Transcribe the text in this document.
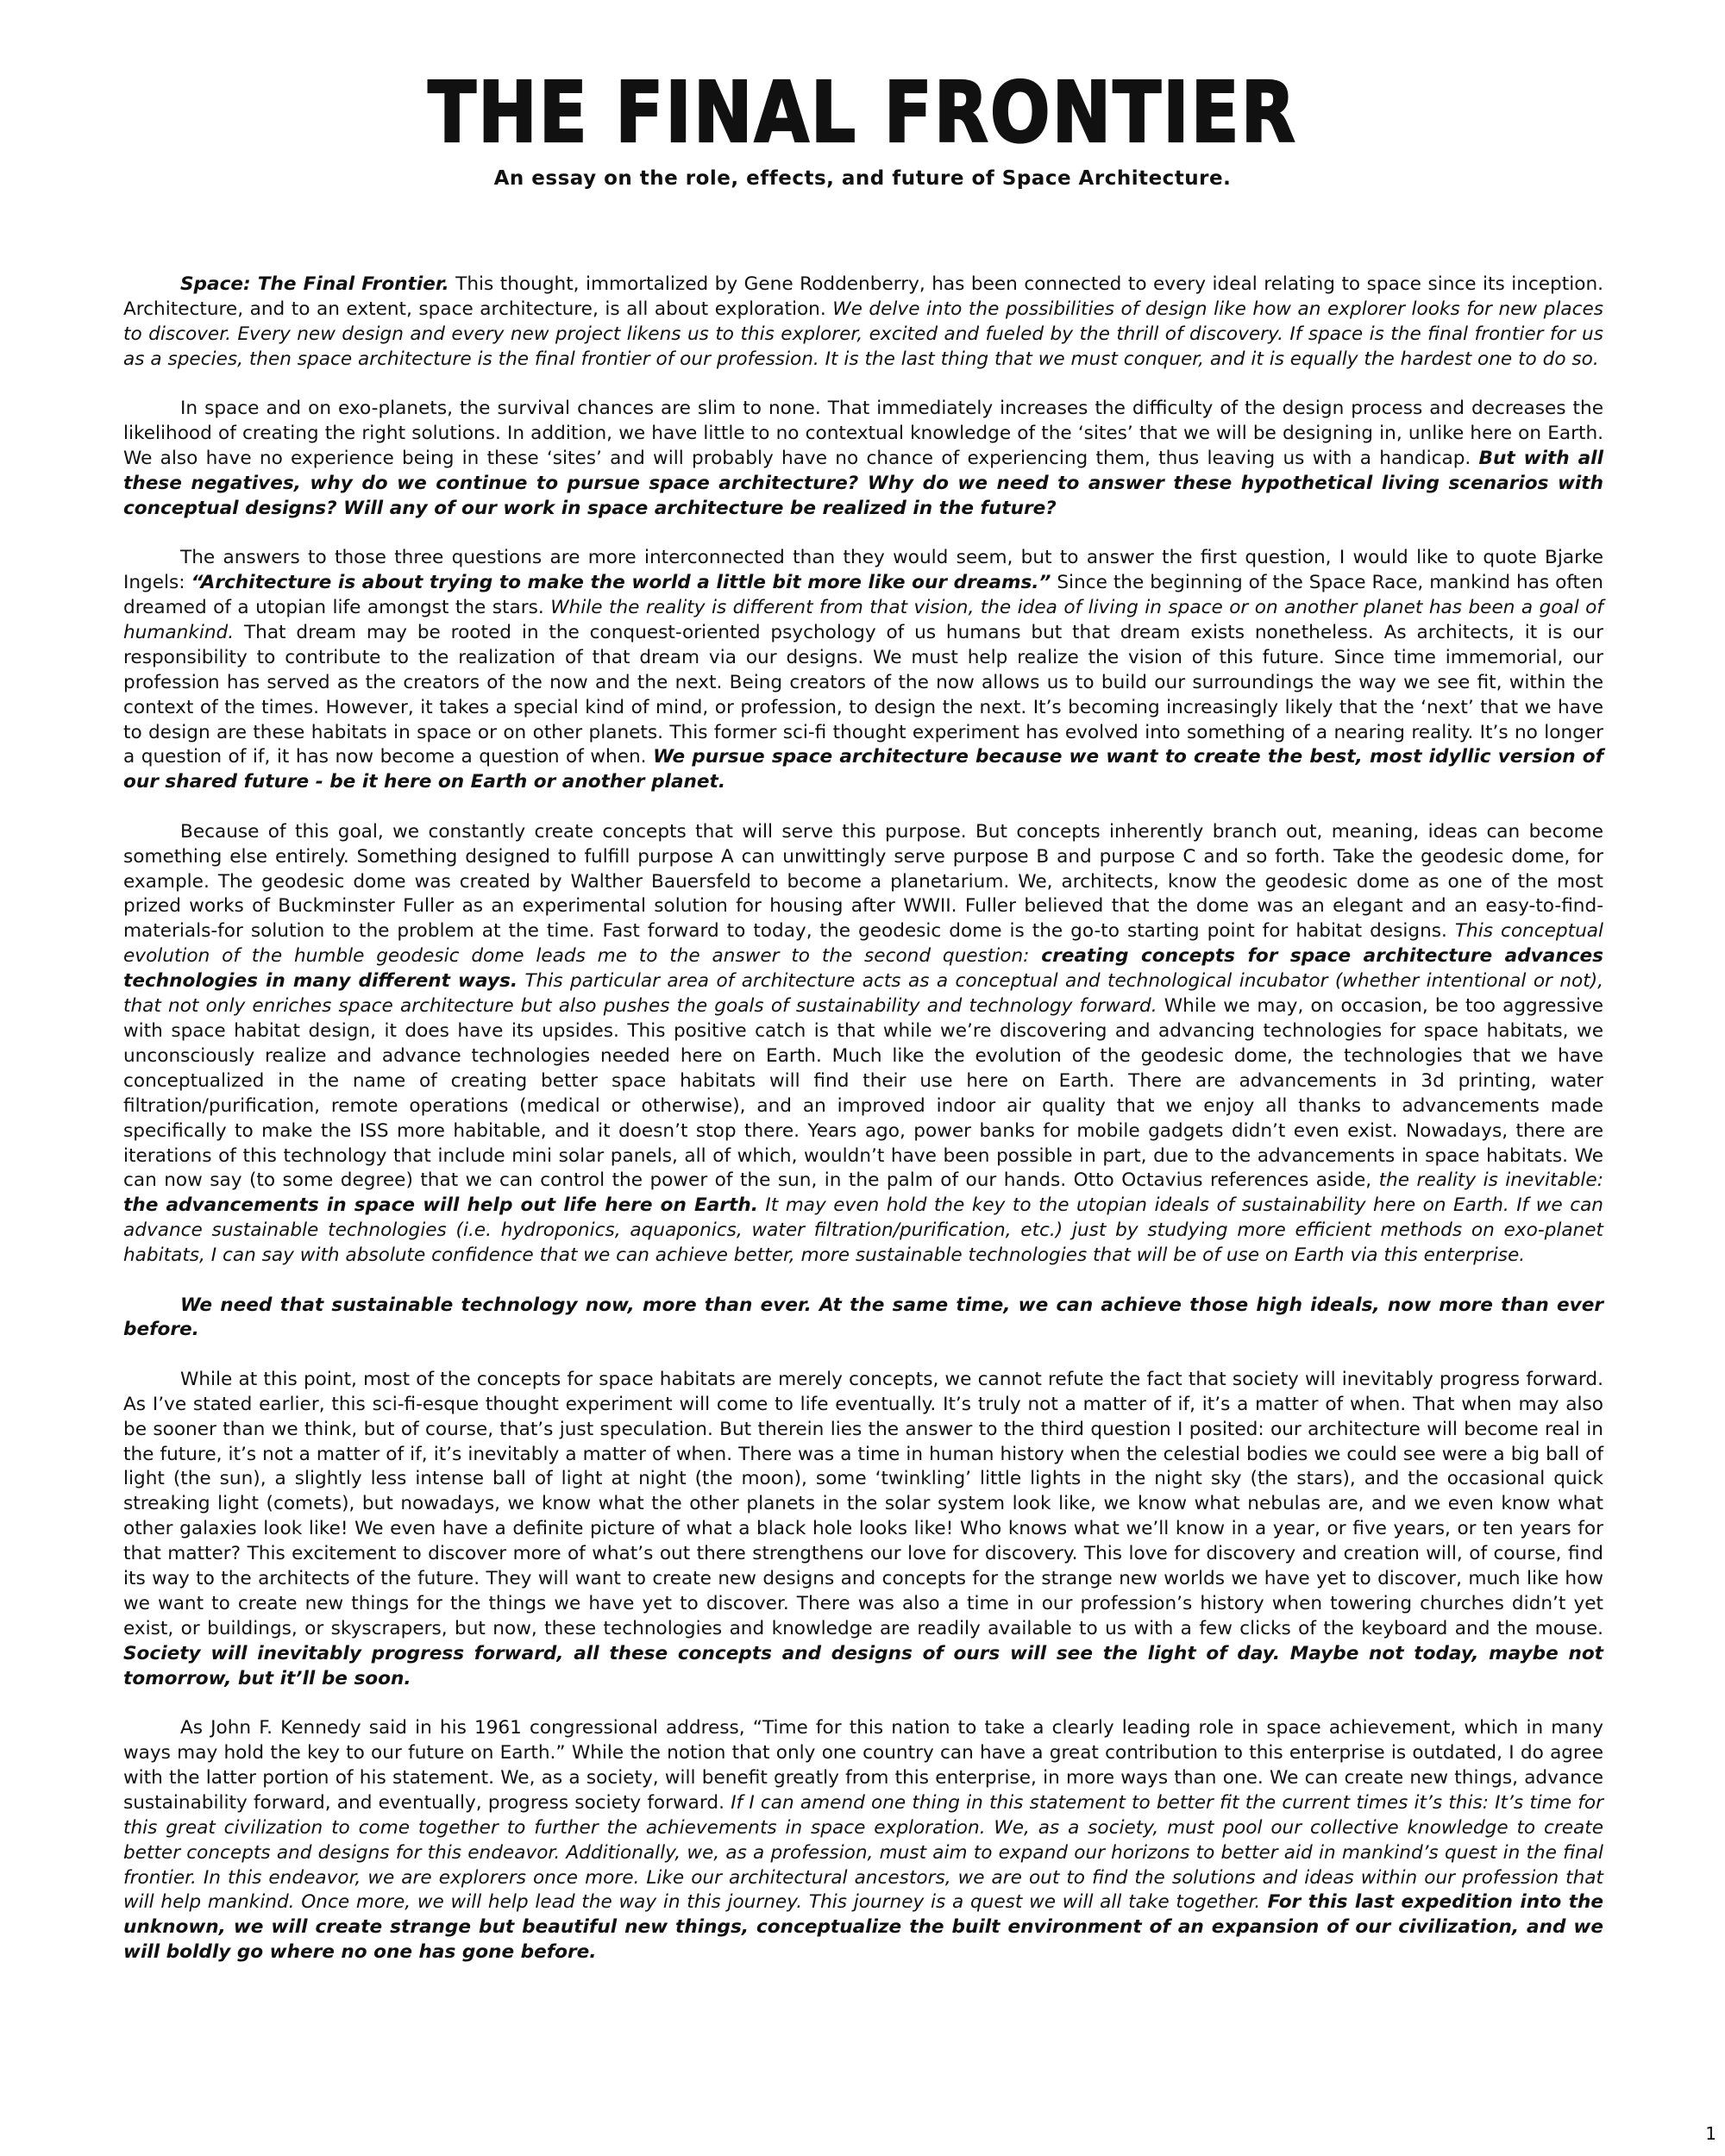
THE FINAL FRONTIER
An essay on the role, effects, and future of Space Architecture.

Space: The Final Frontier. This thought, immortalized by Gene Roddenberry, has been connected to every ideal relating to space since its inception. Architecture, and to an extent, space architecture, is all about exploration. We delve into the possibilities of design like how an explorer looks for new places to discover. Every new design and every new project likens us to this explorer, excited and fueled by the thrill of discovery. If space is the final frontier for us as a species, then space architecture is the final frontier of our profession. It is the last thing that we must conquer, and it is equally the hardest one to do so.

In space and on exo-planets, the survival chances are slim to none. That immediately increases the difficulty of the design process and decreases the likelihood of creating the right solutions. In addition, we have little to no contextual knowledge of the ‘sites’ that we will be designing in, unlike here on Earth. We also have no experience being in these ‘sites’ and will probably have no chance of experiencing them, thus leaving us with a handicap. But with all these negatives, why do we continue to pursue space architecture? Why do we need to answer these hypothetical living scenarios with conceptual designs? Will any of our work in space architecture be realized in the future?

The answers to those three questions are more interconnected than they would seem, but to answer the first question, I would like to quote Bjarke Ingels: “Architecture is about trying to make the world a little bit more like our dreams.” Since the beginning of the Space Race, mankind has often dreamed of a utopian life amongst the stars. While the reality is different from that vision, the idea of living in space or on another planet has been a goal of humankind. That dream may be rooted in the conquest-oriented psychology of us humans but that dream exists nonetheless. As architects, it is our responsibility to contribute to the realization of that dream via our designs. We must help realize the vision of this future. Since time immemorial, our profession has served as the creators of the now and the next. Being creators of the now allows us to build our surroundings the way we see fit, within the context of the times. However, it takes a special kind of mind, or profession, to design the next. It’s becoming increasingly likely that the ‘next’ that we have to design are these habitats in space or on other planets. This former sci-fi thought experiment has evolved into something of a nearing reality. It’s no longer a question of if, it has now become a question of when. We pursue space architecture because we want to create the best, most idyllic version of our shared future - be it here on Earth or another planet.

Because of this goal, we constantly create concepts that will serve this purpose. But concepts inherently branch out, meaning, ideas can become something else entirely. Something designed to fulfill purpose A can unwittingly serve purpose B and purpose C and so forth. Take the geodesic dome, for example. The geodesic dome was created by Walther Bauersfeld to become a planetarium. We, architects, know the geodesic dome as one of the most prized works of Buckminster Fuller as an experimental solution for housing after WWII. Fuller believed that the dome was an elegant and an easy-to-find-materials-for solution to the problem at the time. Fast forward to today, the geodesic dome is the go-to starting point for habitat designs. This conceptual evolution of the humble geodesic dome leads me to the answer to the second question: creating concepts for space architecture advances technologies in many different ways. This particular area of architecture acts as a conceptual and technological incubator (whether intentional or not), that not only enriches space architecture but also pushes the goals of sustainability and technology forward. While we may, on occasion, be too aggressive with space habitat design, it does have its upsides. This positive catch is that while we’re discovering and advancing technologies for space habitats, we unconsciously realize and advance technologies needed here on Earth. Much like the evolution of the geodesic dome, the technologies that we have conceptualized in the name of creating better space habitats will find their use here on Earth. There are advancements in 3d printing, water filtration/purification, remote operations (medical or otherwise), and an improved indoor air quality that we enjoy all thanks to advancements made specifically to make the ISS more habitable, and it doesn’t stop there. Years ago, power banks for mobile gadgets didn’t even exist. Nowadays, there are iterations of this technology that include mini solar panels, all of which, wouldn’t have been possible in part, due to the advancements in space habitats. We can now say (to some degree) that we can control the power of the sun, in the palm of our hands. Otto Octavius references aside, the reality is inevitable: the advancements in space will help out life here on Earth. It may even hold the key to the utopian ideals of sustainability here on Earth. If we can advance sustainable technologies (i.e. hydroponics, aquaponics, water filtration/purification, etc.) just by studying more efficient methods on exo-planet habitats, I can say with absolute confidence that we can achieve better, more sustainable technologies that will be of use on Earth via this enterprise.

We need that sustainable technology now, more than ever. At the same time, we can achieve those high ideals, now more than ever before.

While at this point, most of the concepts for space habitats are merely concepts, we cannot refute the fact that society will inevitably progress forward. As I’ve stated earlier, this sci-fi-esque thought experiment will come to life eventually. It’s truly not a matter of if, it’s a matter of when. That when may also be sooner than we think, but of course, that’s just speculation. But therein lies the answer to the third question I posited: our architecture will become real in the future, it’s not a matter of if, it’s inevitably a matter of when. There was a time in human history when the celestial bodies we could see were a big ball of light (the sun), a slightly less intense ball of light at night (the moon), some ‘twinkling’ little lights in the night sky (the stars), and the occasional quick streaking light (comets), but nowadays, we know what the other planets in the solar system look like, we know what nebulas are, and we even know what other galaxies look like! We even have a definite picture of what a black hole looks like! Who knows what we’ll know in a year, or five years, or ten years for that matter? This excitement to discover more of what’s out there strengthens our love for discovery. This love for discovery and creation will, of course, find its way to the architects of the future. They will want to create new designs and concepts for the strange new worlds we have yet to discover, much like how we want to create new things for the things we have yet to discover. There was also a time in our profession’s history when towering churches didn’t yet exist, or buildings, or skyscrapers, but now, these technologies and knowledge are readily available to us with a few clicks of the keyboard and the mouse. Society will inevitably progress forward, all these concepts and designs of ours will see the light of day. Maybe not today, maybe not tomorrow, but it’ll be soon.

As John F. Kennedy said in his 1961 congressional address, “Time for this nation to take a clearly leading role in space achievement, which in many ways may hold the key to our future on Earth.” While the notion that only one country can have a great contribution to this enterprise is outdated, I do agree with the latter portion of his statement. We, as a society, will benefit greatly from this enterprise, in more ways than one. We can create new things, advance sustainability forward, and eventually, progress society forward. If I can amend one thing in this statement to better fit the current times it’s this: It’s time for this great civilization to come together to further the achievements in space exploration. We, as a society, must pool our collective knowledge to create better concepts and designs for this endeavor. Additionally, we, as a profession, must aim to expand our horizons to better aid in mankind’s quest in the final frontier. In this endeavor, we are explorers once more. Like our architectural ancestors, we are out to find the solutions and ideas within our profession that will help mankind. Once more, we will help lead the way in this journey. This journey is a quest we will all take together. For this last expedition into the unknown, we will create strange but beautiful new things, conceptualize the built environment of an expansion of our civilization, and we will boldly go where no one has gone before.

1
